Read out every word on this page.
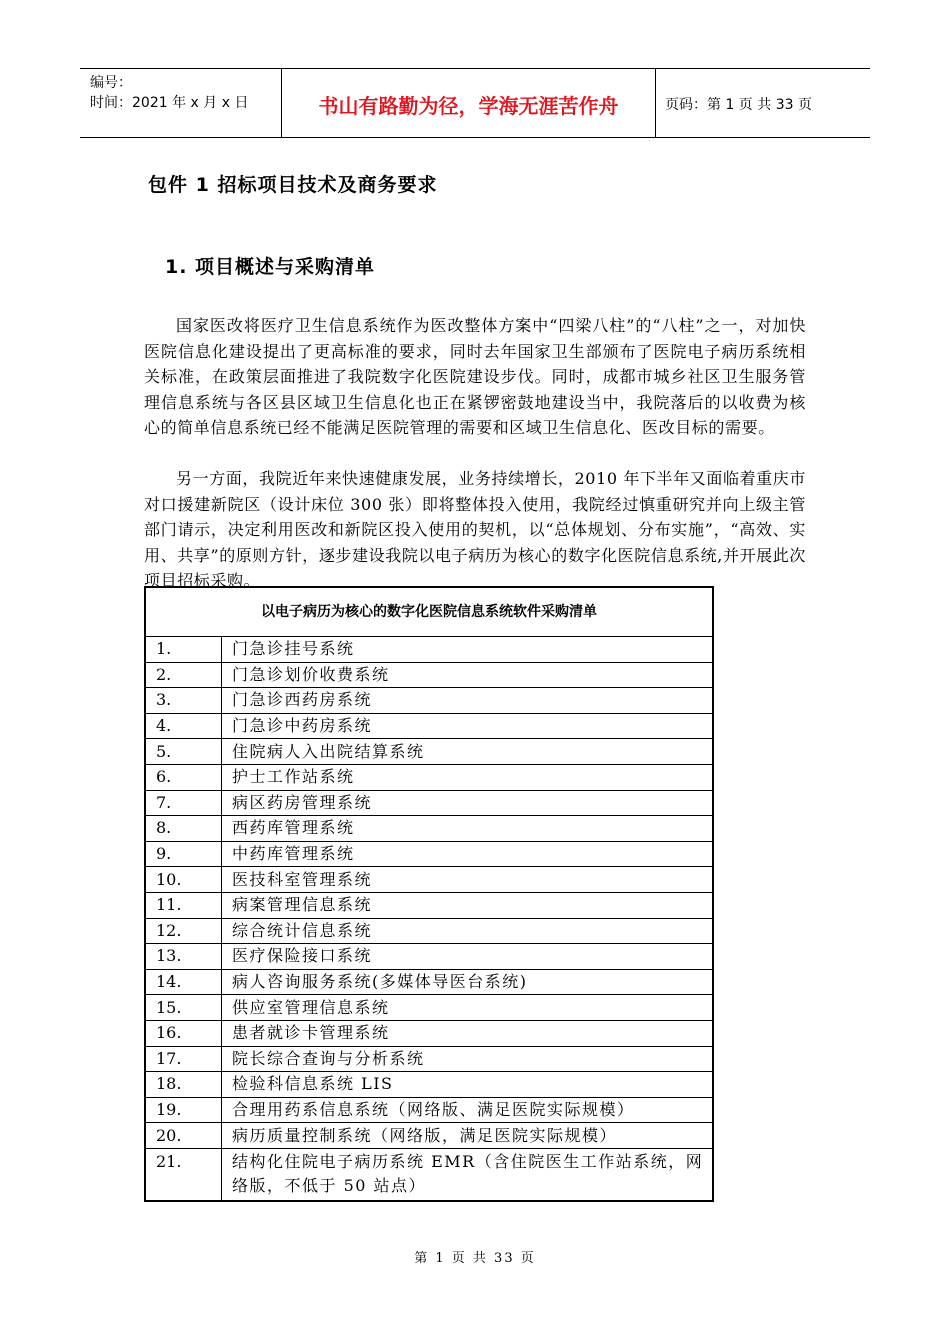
编号：
时间：2021 年 x 月 x 日	书山有路勤为径，学海无涯苦作舟	页码：第 1 页 共 33 页
包件 1 招标项目技术及商务要求
1. 项目概述与采购清单
国家医改将医疗卫生信息系统作为医改整体方案中“四梁八柱”的“八柱”之一，对加快医院信息化建设提出了更高标准的要求，同时去年国家卫生部颁布了医院电子病历系统相关标准，在政策层面推进了我院数字化医院建设步伐。同时，成都市城乡社区卫生服务管理信息系统与各区县区域卫生信息化也正在紧锣密鼓地建设当中，我院落后的以收费为核心的简单信息系统已经不能满足医院管理的需要和区域卫生信息化、医改目标的需要。
另一方面，我院近年来快速健康发展，业务持续增长，2010 年下半年又面临着重庆市对口援建新院区（设计床位 300 张）即将整体投入使用，我院经过慎重研究并向上级主管部门请示，决定利用医改和新院区投入使用的契机，以“总体规划、分布实施”，“高效、实用、共享”的原则方针，逐步建设我院以电子病历为核心的数字化医院信息系统,并开展此次项目招标采购。
以电子病历为核心的数字化医院信息系统软件采购清单	
1.	门急诊挂号系统
2.	门急诊划价收费系统
3.	门急诊西药房系统
4.	门急诊中药房系统
5.	住院病人入出院结算系统
6.	护士工作站系统
7.	病区药房管理系统
8.	西药库管理系统
9.	中药库管理系统
10.	医技科室管理系统
11.	病案管理信息系统
12.	综合统计信息系统
13.	医疗保险接口系统
14.	病人咨询服务系统(多媒体导医台系统)
15.	供应室管理信息系统
16.	患者就诊卡管理系统
17.	院长综合查询与分析系统
18.	检验科信息系统 LIS
19.	合理用药系信息系统（网络版、满足医院实际规模）
20.	病历质量控制系统（网络版，满足医院实际规模）
21.	结构化住院电子病历系统 EMR（含住院医生工作站系统，网络版，不低于 50 站点）
第 1 页 共 33 页
